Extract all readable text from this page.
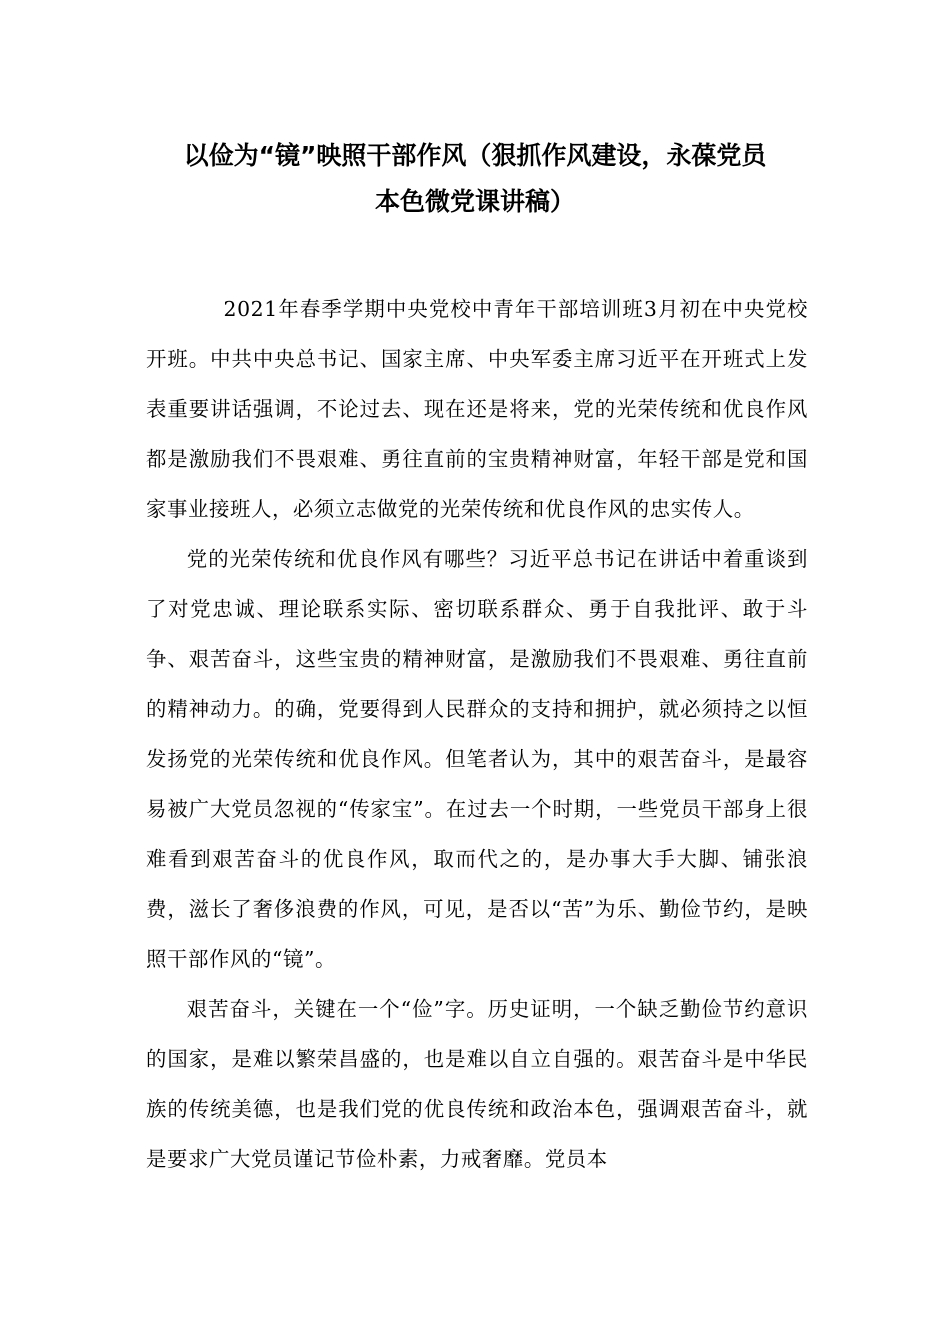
以俭为“镜”映照干部作风（狠抓作风建设，永葆党员
本色微党课讲稿）

2021年春季学期中央党校中青年干部培训班3月初在中央党校开班。中共中央总书记、国家主席、中央军委主席习近平在开班式上发表重要讲话强调，不论过去、现在还是将来，党的光荣传统和优良作风都是激励我们不畏艰难、勇往直前的宝贵精神财富，年轻干部是党和国家事业接班人，必须立志做党的光荣传统和优良作风的忠实传人。

党的光荣传统和优良作风有哪些？习近平总书记在讲话中着重谈到了对党忠诚、理论联系实际、密切联系群众、勇于自我批评、敢于斗争、艰苦奋斗，这些宝贵的精神财富，是激励我们不畏艰难、勇往直前的精神动力。的确，党要得到人民群众的支持和拥护，就必须持之以恒发扬党的光荣传统和优良作风。但笔者认为，其中的艰苦奋斗，是最容易被广大党员忽视的“传家宝”。在过去一个时期，一些党员干部身上很难看到艰苦奋斗的优良作风，取而代之的，是办事大手大脚、铺张浪费，滋长了奢侈浪费的作风，可见，是否以“苦”为乐、勤俭节约，是映照干部作风的“镜”。

艰苦奋斗，关键在一个“俭”字。历史证明，一个缺乏勤俭节约意识的国家，是难以繁荣昌盛的，也是难以自立自强的。艰苦奋斗是中华民族的传统美德，也是我们党的优良传统和政治本色，强调艰苦奋斗，就是要求广大党员谨记节俭朴素，力戒奢靡。党员本
